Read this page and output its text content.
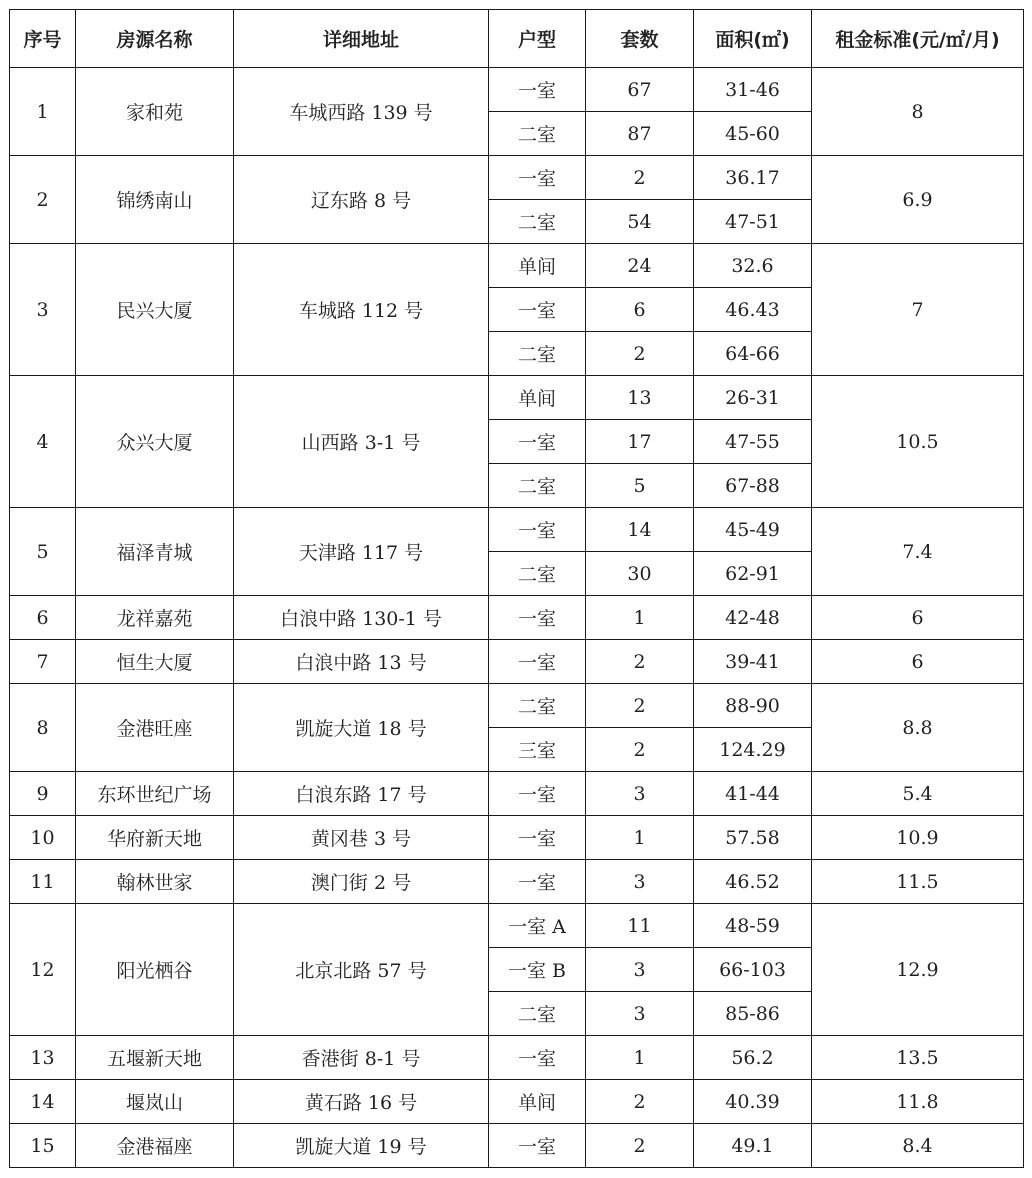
序号	房源名称	详细地址	户型	套数	面积(㎡)	租金标准(元/㎡/月)
1	家和苑	车城西路 139 号	一室	67	31-46	8
			二室	87	45-60	
2	锦绣南山	辽东路 8 号	一室	2	36.17	6.9
			二室	54	47-51	
3	民兴大厦	车城路 112 号	单间	24	32.6	7
			一室	6	46.43	
			二室	2	64-66	
4	众兴大厦	山西路 3-1 号	单间	13	26-31	10.5
			一室	17	47-55	
			二室	5	67-88	
5	福泽青城	天津路 117 号	一室	14	45-49	7.4
			二室	30	62-91	
6	龙祥嘉苑	白浪中路 130-1 号	一室	1	42-48	6
7	恒生大厦	白浪中路 13 号	一室	2	39-41	6
8	金港旺座	凯旋大道 18 号	二室	2	88-90	8.8
			三室	2	124.29	
9	东环世纪广场	白浪东路 17 号	一室	3	41-44	5.4
10	华府新天地	黄冈巷 3 号	一室	1	57.58	10.9
11	翰林世家	澳门街 2 号	一室	3	46.52	11.5
12	阳光栖谷	北京北路 57 号	一室 A	11	48-59	12.9
			一室 B	3	66-103	
			二室	3	85-86	
13	五堰新天地	香港街 8-1 号	一室	1	56.2	13.5
14	堰岚山	黄石路 16 号	单间	2	40.39	11.8
15	金港福座	凯旋大道 19 号	一室	2	49.1	8.4
